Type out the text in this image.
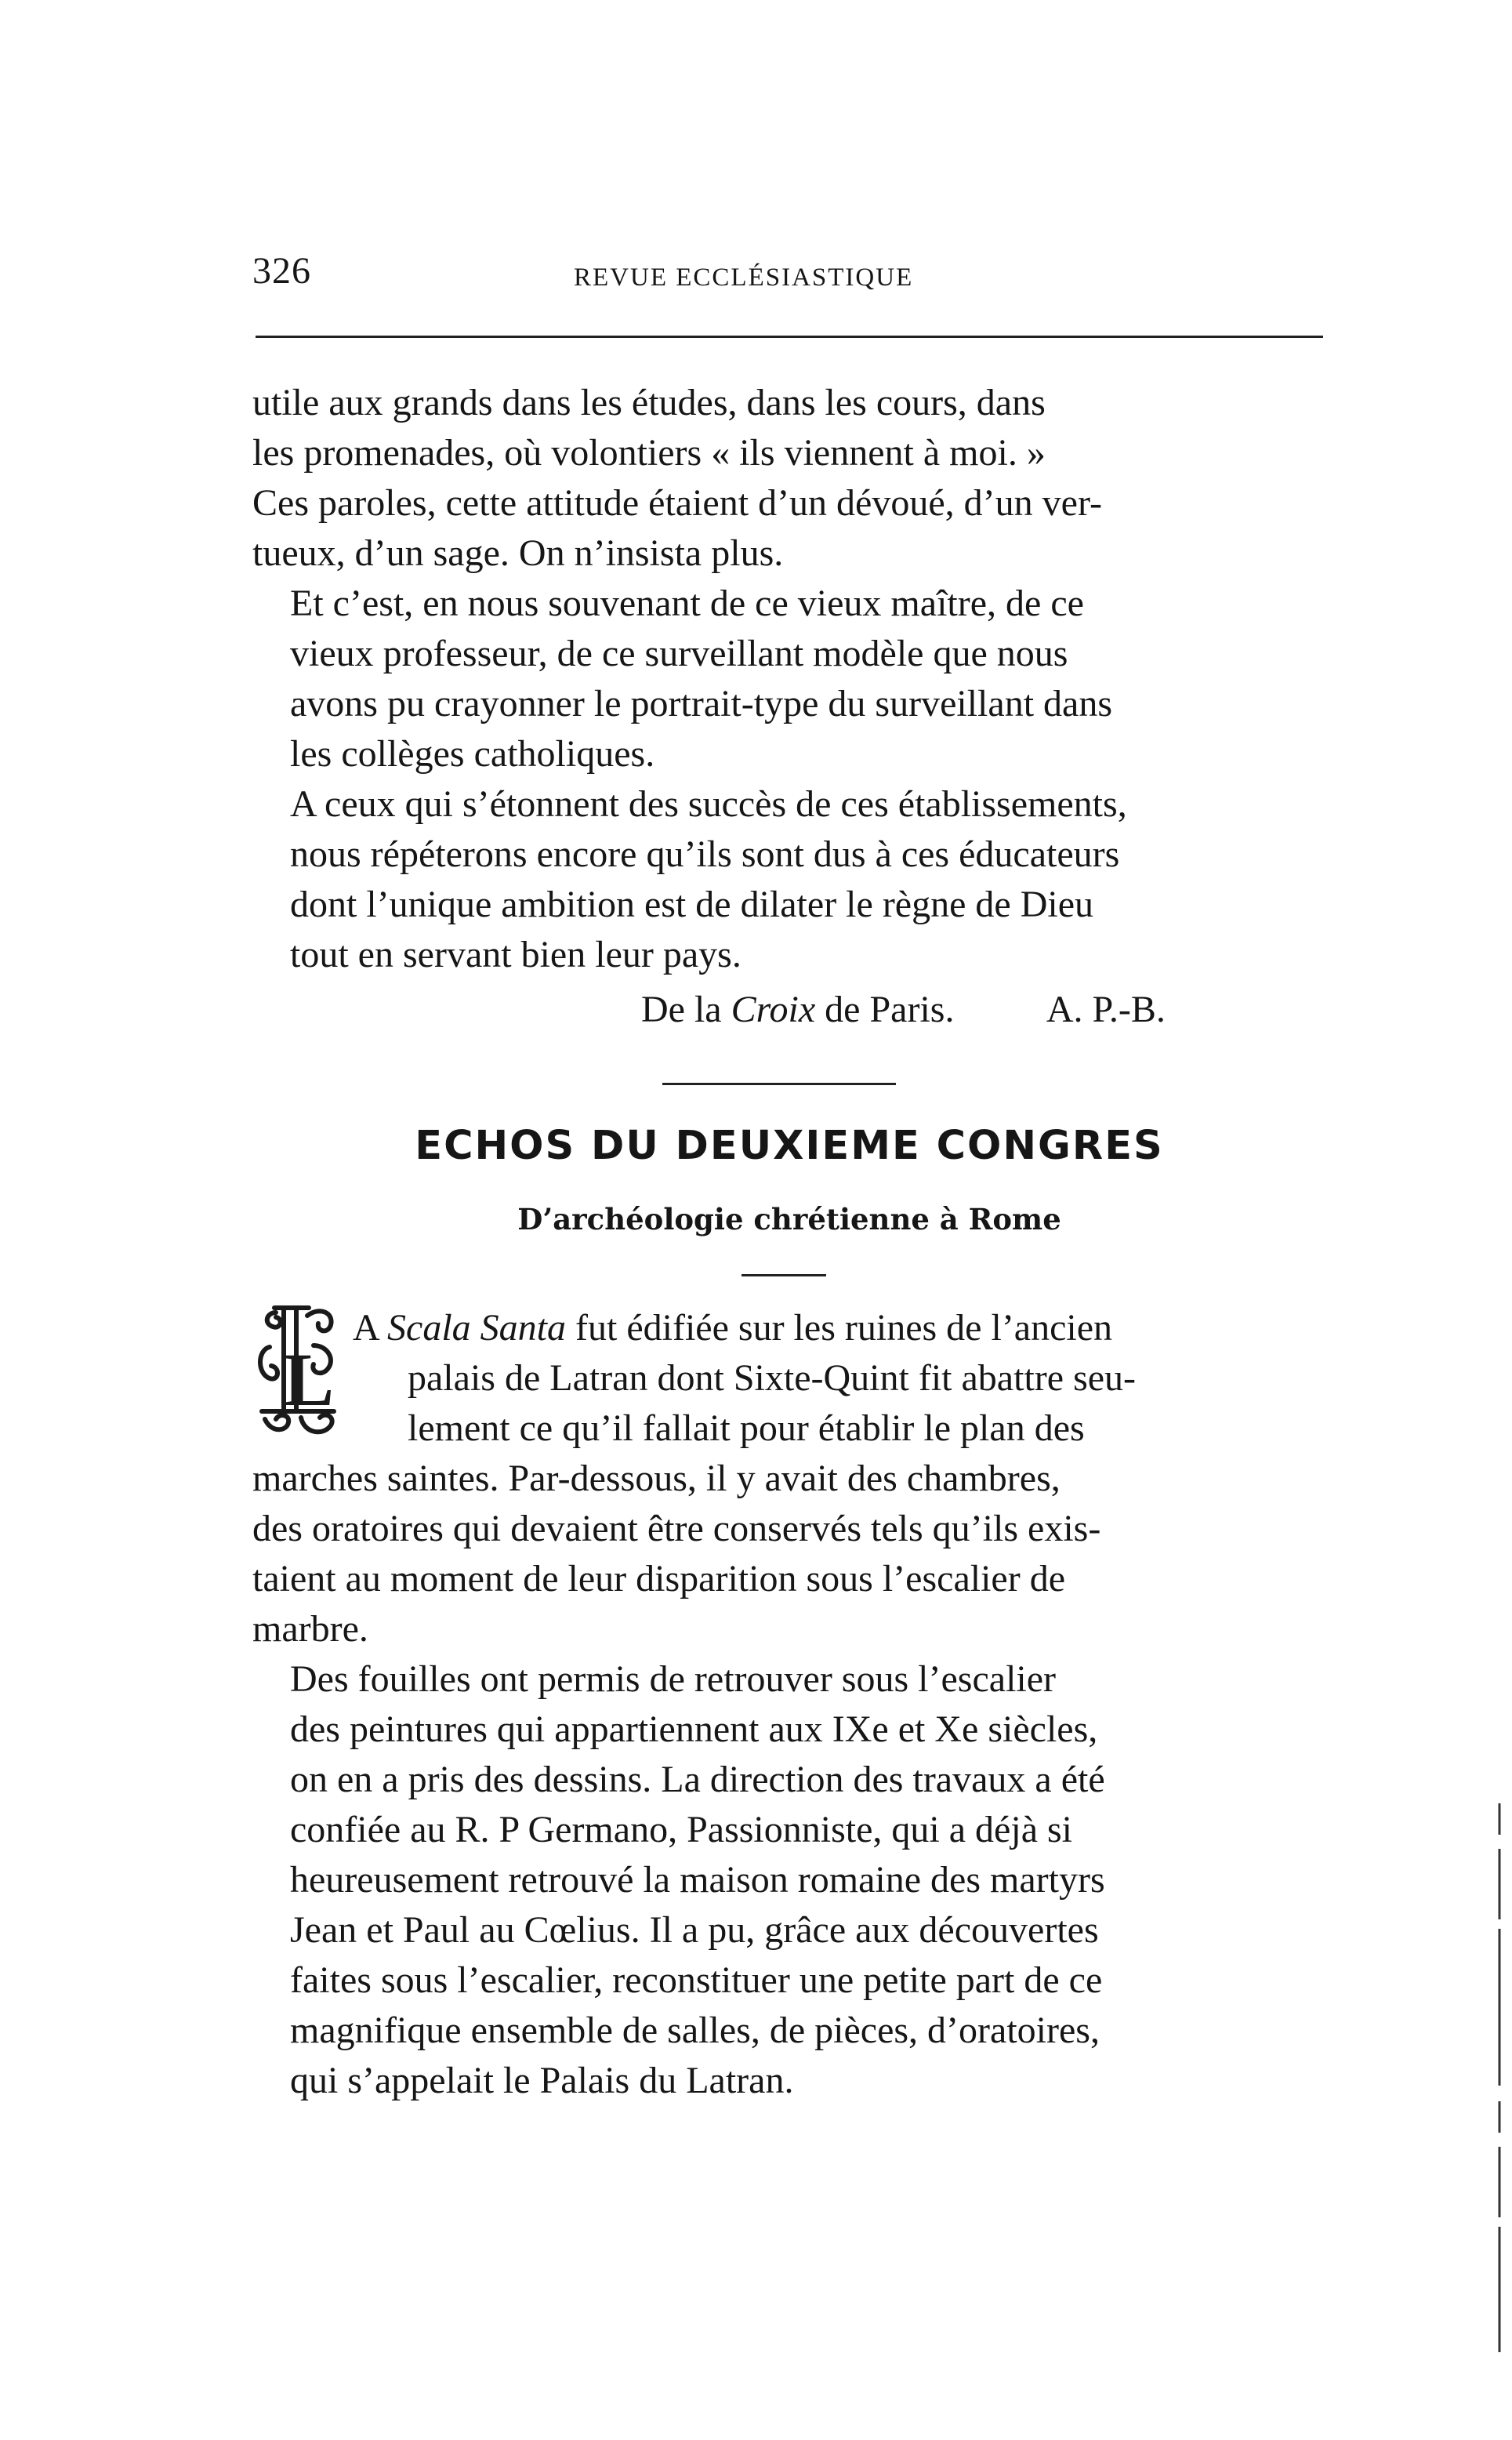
326	REVUE ECCLÉSIASTIQUE

utile aux grands dans les études, dans les cours, dans
les promenades, où volontiers « ils viennent à moi. »
Ces paroles, cette attitude étaient d’un dévoué, d’un ver-
tueux, d’un sage. On n’insista plus.

Et c’est, en nous souvenant de ce vieux maître, de ce
vieux professeur, de ce surveillant modèle que nous
avons pu crayonner le portrait-type du surveillant dans
les collèges catholiques.

A ceux qui s’étonnent des succès de ces établissements,
nous répéterons encore qu’ils sont dus à ces éducateurs
dont l’unique ambition est de dilater le règne de Dieu
tout en servant bien leur pays.

De la Croix de Paris. A. P.-B.
ECHOS DU DEUXIEME CONGRES
D’archéologie chrétienne à Rome
L

A Scala Santa fut édifiée sur les ruines de l’ancien
palais de Latran dont Sixte-Quint fit abattre seu-
lement ce qu’il fallait pour établir le plan des
marches saintes. Par-dessous, il y avait des chambres,
des oratoires qui devaient être conservés tels qu’ils exis-
taient au moment de leur disparition sous l’escalier de
marbre.

Des fouilles ont permis de retrouver sous l’escalier
des peintures qui appartiennent aux IXe et Xe siècles,
on en a pris des dessins. La direction des travaux a été
confiée au R. P Germano, Passionniste, qui a déjà si
heureusement retrouvé la maison romaine des martyrs
Jean et Paul au Cœlius. Il a pu, grâce aux découvertes
faites sous l’escalier, reconstituer une petite part de ce
magnifique ensemble de salles, de pièces, d’oratoires,
qui s’appelait le Palais du Latran.
